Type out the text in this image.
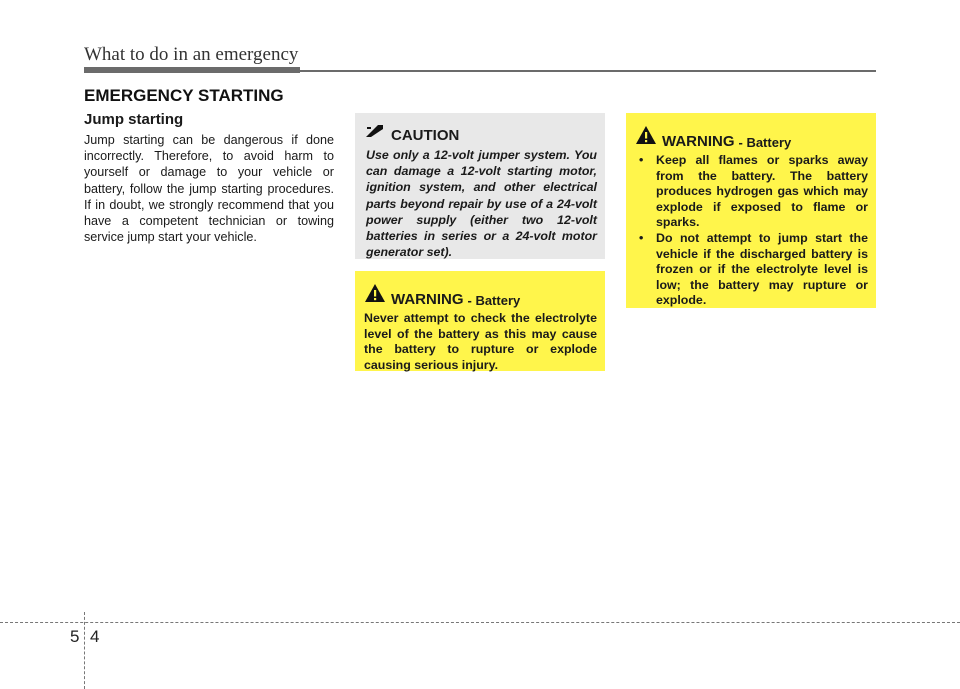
What to do in an emergency
EMERGENCY STARTING
Jump starting
Jump starting can be dangerous if done incorrectly. Therefore, to avoid harm to yourself or damage to your vehicle or battery, follow the jump starting procedures. If in doubt, we strongly recommend that you have a competent technician or towing service jump start your vehicle.
CAUTION
Use only a 12-volt jumper system. You can damage a 12-volt starting motor, ignition system, and other electrical parts beyond repair by use of a 24-volt power supply (either two 12-volt batteries in series or a 24-volt motor generator set).
WARNING - Battery
Never attempt to check the electrolyte level of the battery as this may cause the battery to rupture or explode causing serious injury.
WARNING - Battery
• Keep all flames or sparks away from the battery. The battery produces hydrogen gas which may explode if exposed to flame or sparks.
• Do not attempt to jump start the vehicle if the discharged battery is frozen or if the electrolyte level is low; the battery may rupture or explode.
5 4
